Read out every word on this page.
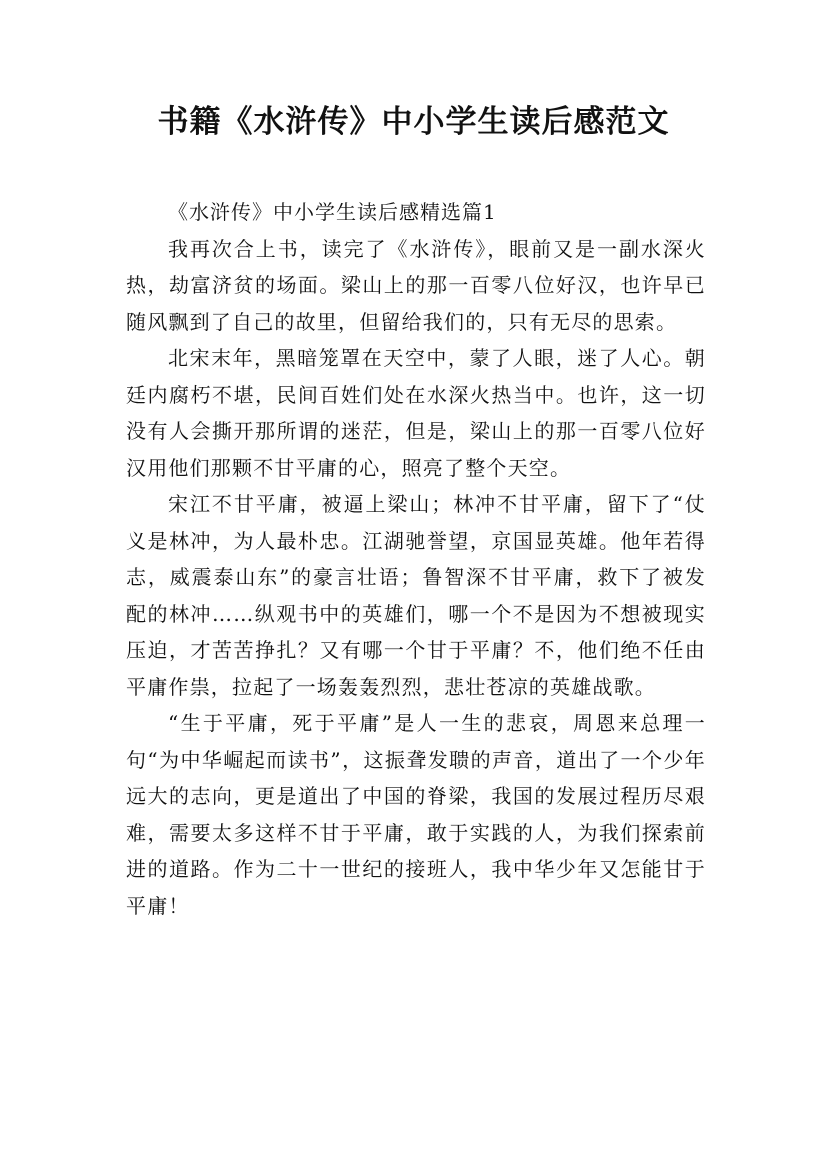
书籍《水浒传》中小学生读后感范文

《水浒传》中小学生读后感精选篇1

我再次合上书，读完了《水浒传》，眼前又是一副水深火热，劫富济贫的场面。梁山上的那一百零八位好汉，也许早已随风飘到了自己的故里，但留给我们的，只有无尽的思索。

北宋末年，黑暗笼罩在天空中，蒙了人眼，迷了人心。朝廷内腐朽不堪，民间百姓们处在水深火热当中。也许，这一切没有人会撕开那所谓的迷茫，但是，梁山上的那一百零八位好汉用他们那颗不甘平庸的心，照亮了整个天空。

宋江不甘平庸，被逼上梁山；林冲不甘平庸，留下了“仗义是林冲，为人最朴忠。江湖驰誉望，京国显英雄。他年若得志，威震泰山东”的豪言壮语；鲁智深不甘平庸，救下了被发配的林冲……纵观书中的英雄们，哪一个不是因为不想被现实压迫，才苦苦挣扎？又有哪一个甘于平庸？不，他们绝不任由平庸作祟，拉起了一场轰轰烈烈，悲壮苍凉的英雄战歌。

“生于平庸，死于平庸”是人一生的悲哀，周恩来总理一句“为中华崛起而读书”，这振聋发聩的声音，道出了一个少年远大的志向，更是道出了中国的脊梁，我国的发展过程历尽艰难，需要太多这样不甘于平庸，敢于实践的人，为我们探索前进的道路。作为二十一世纪的接班人，我中华少年又怎能甘于平庸！
